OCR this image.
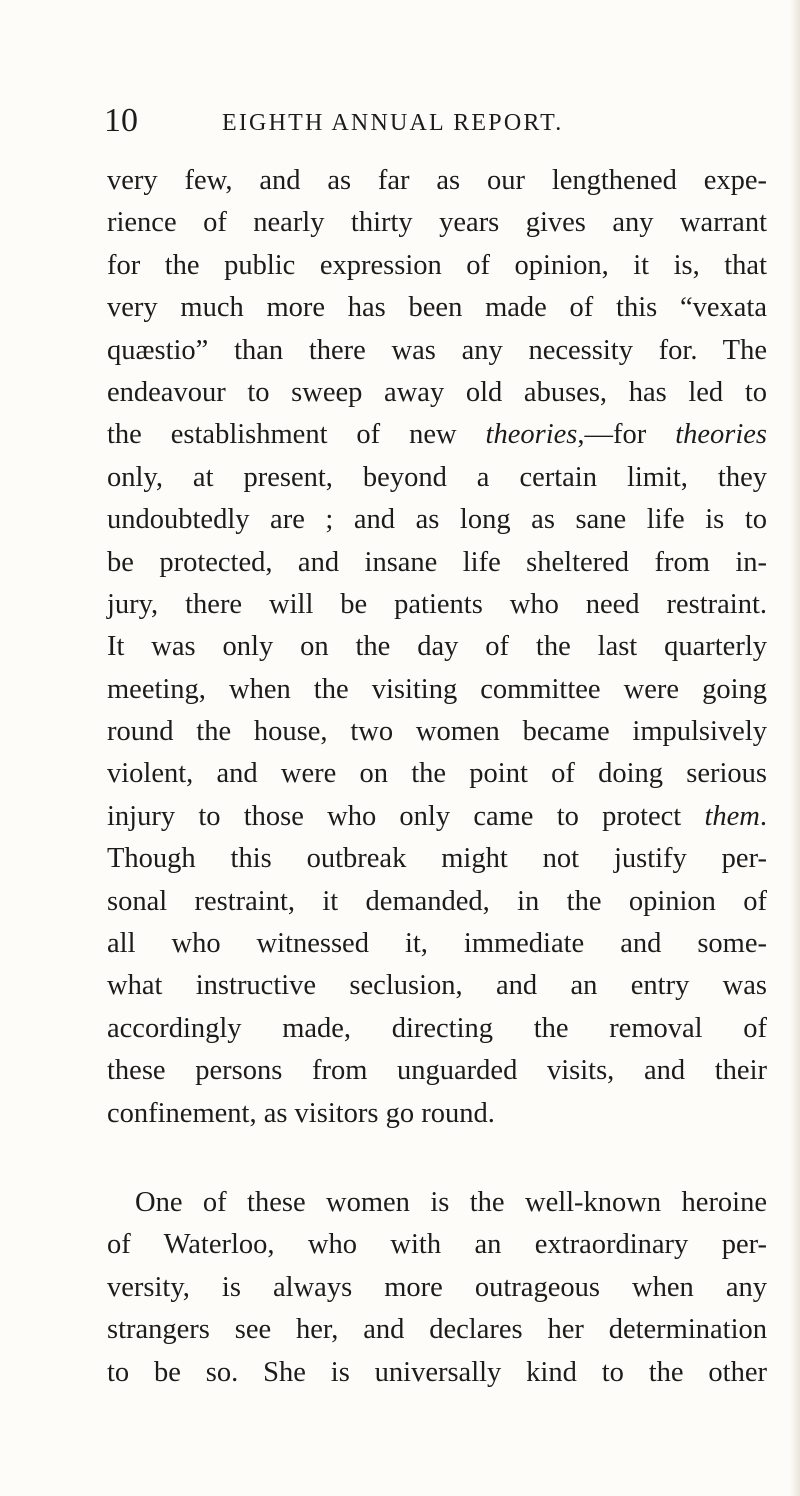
10	EIGHTH ANNUAL REPORT.
very few, and as far as our lengthened expe-
rience of nearly thirty years gives any warrant
for the public expression of opinion, it is, that
very much more has been made of this “vexata
quæstio” than there was any necessity for. The
endeavour to sweep away old abuses, has led to
the establishment of new theories,—for theories
only, at present, beyond a certain limit, they
undoubtedly are ; and as long as sane life is to
be protected, and insane life sheltered from in-
jury, there will be patients who need restraint.
It was only on the day of the last quarterly
meeting, when the visiting committee were going
round the house, two women became impulsively
violent, and were on the point of doing serious
injury to those who only came to protect them.
Though this outbreak might not justify per-
sonal restraint, it demanded, in the opinion of
all who witnessed it, immediate and some-
what instructive seclusion, and an entry was
accordingly made, directing the removal of
these persons from unguarded visits, and their
confinement, as visitors go round.
One of these women is the well-known heroine
of Waterloo, who with an extraordinary per-
versity, is always more outrageous when any
strangers see her, and declares her determination
to be so. She is universally kind to the other
